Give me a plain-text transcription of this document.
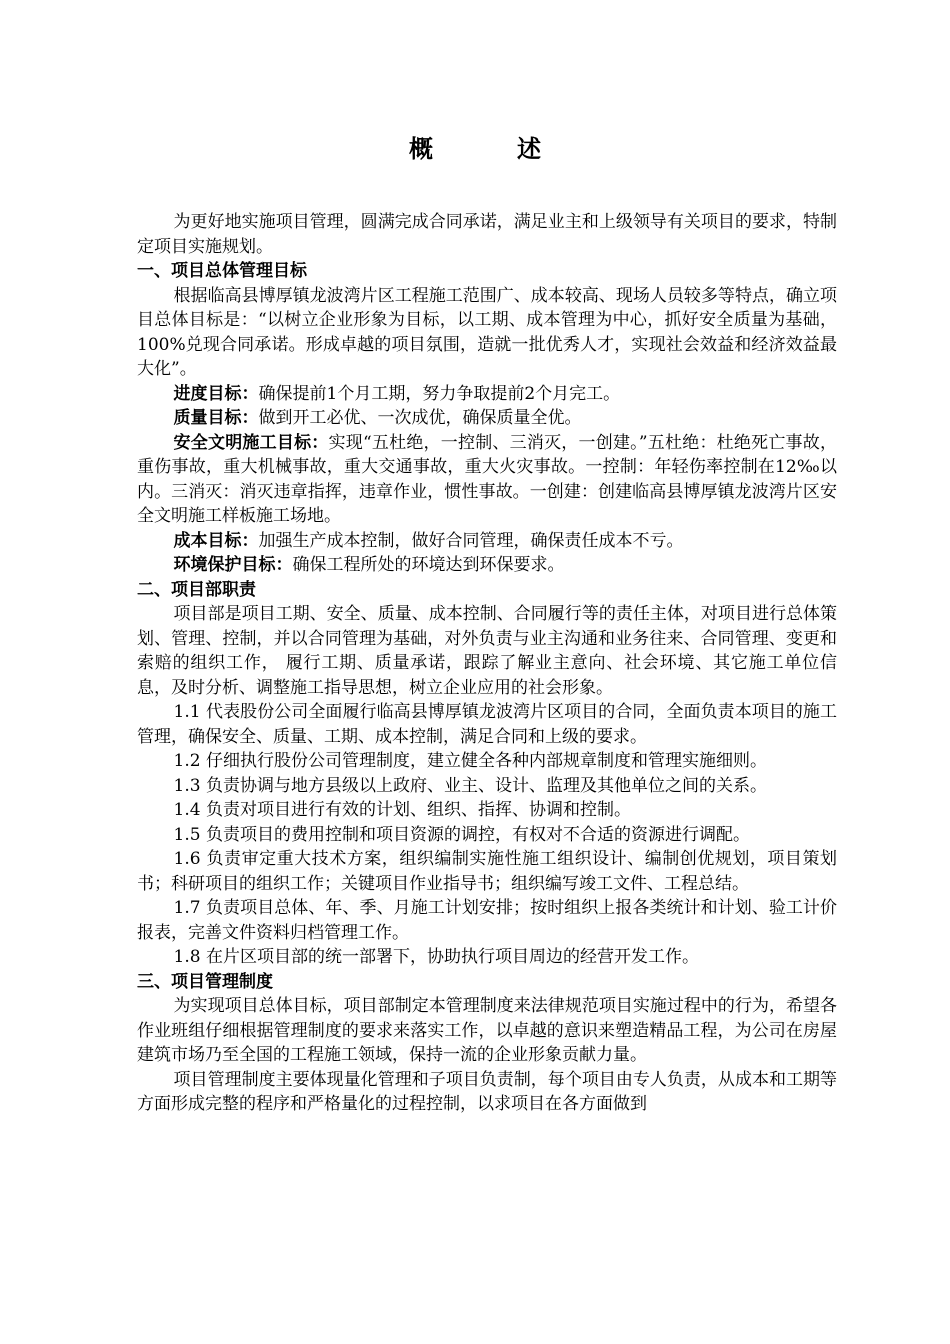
概　述

为更好地实施项目管理，圆满完成合同承诺，满足业主和上级领导有关项目的要求，特制定项目实施规划。

一、项目总体管理目标

根据临高县博厚镇龙波湾片区工程施工范围广、成本较高、现场人员较多等特点，确立项目总体目标是：“以树立企业形象为目标，以工期、成本管理为中心，抓好安全质量为基础，100%兑现合同承诺。形成卓越的项目氛围，造就一批优秀人才，实现社会效益和经济效益最大化”。

进度目标：确保提前1个月工期，努力争取提前2个月完工。

质量目标：做到开工必优、一次成优，确保质量全优。

安全文明施工目标：实现“五杜绝，一控制、三消灭，一创建。”五杜绝：杜绝死亡事故，重伤事故，重大机械事故，重大交通事故，重大火灾事故。一控制：年轻伤率控制在12‰以内。三消灭：消灭违章指挥，违章作业，惯性事故。一创建：创建临高县博厚镇龙波湾片区安全文明施工样板施工场地。

成本目标：加强生产成本控制，做好合同管理，确保责任成本不亏。

环境保护目标：确保工程所处的环境达到环保要求。

二、项目部职责

项目部是项目工期、安全、质量、成本控制、合同履行等的责任主体，对项目进行总体策划、管理、控制，并以合同管理为基础，对外负责与业主沟通和业务往来、合同管理、变更和索赔的组织工作， 履行工期、质量承诺，跟踪了解业主意向、社会环境、其它施工单位信息，及时分析、调整施工指导思想，树立企业应用的社会形象。

1.1 代表股份公司全面履行临高县博厚镇龙波湾片区项目的合同，全面负责本项目的施工管理，确保安全、质量、工期、成本控制，满足合同和上级的要求。

1.2 仔细执行股份公司管理制度，建立健全各种内部规章制度和管理实施细则。

1.3 负责协调与地方县级以上政府、业主、设计、监理及其他单位之间的关系。

1.4 负责对项目进行有效的计划、组织、指挥、协调和控制。

1.5 负责项目的费用控制和项目资源的调控，有权对不合适的资源进行调配。

1.6 负责审定重大技术方案，组织编制实施性施工组织设计、编制创优规划，项目策划书；科研项目的组织工作；关键项目作业指导书；组织编写竣工文件、工程总结。

1.7 负责项目总体、年、季、月施工计划安排；按时组织上报各类统计和计划、验工计价报表，完善文件资料归档管理工作。

1.8 在片区项目部的统一部署下，协助执行项目周边的经营开发工作。

三、项目管理制度

为实现项目总体目标，项目部制定本管理制度来法律规范项目实施过程中的行为，希望各作业班组仔细根据管理制度的要求来落实工作，以卓越的意识来塑造精品工程，为公司在房屋建筑市场乃至全国的工程施工领域，保持一流的企业形象贡献力量。

项目管理制度主要体现量化管理和子项目负责制，每个项目由专人负责，从成本和工期等方面形成完整的程序和严格量化的过程控制，以求项目在各方面做到
